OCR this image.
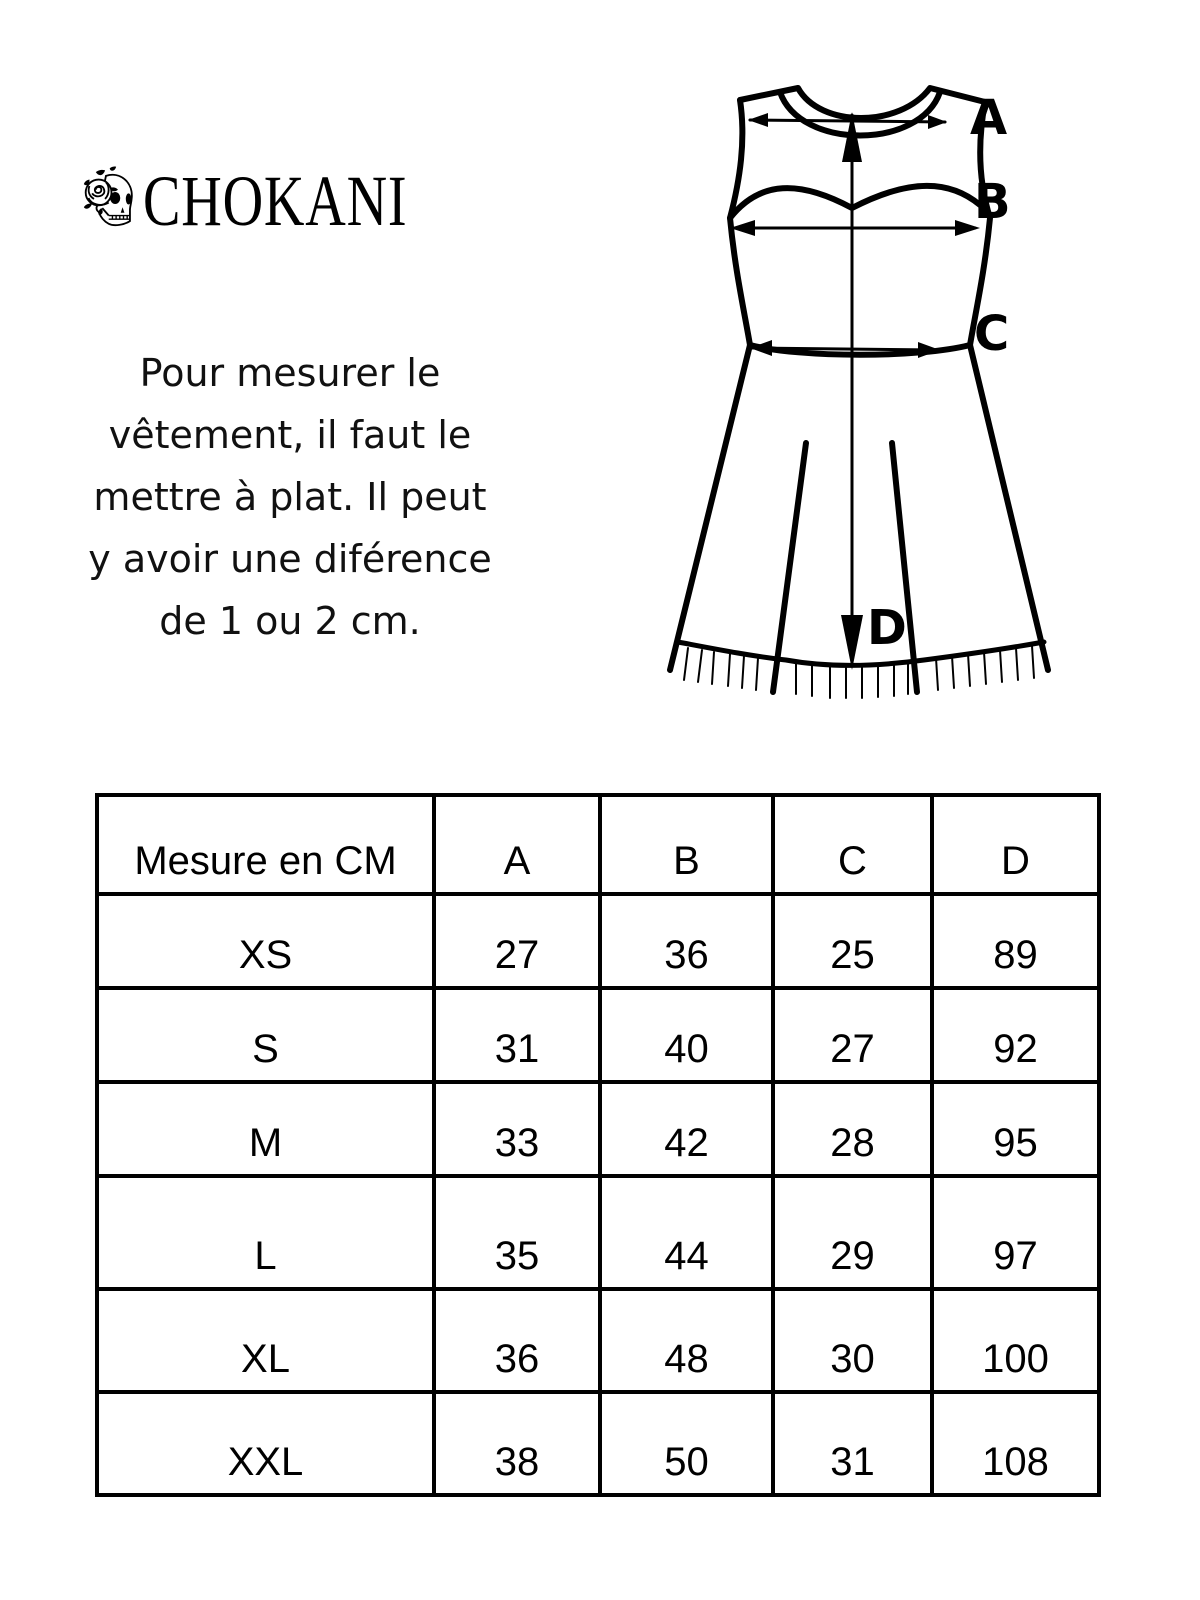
CHOKANI
Pour mesurer le
vêtement, il faut le
mettre à plat. Il peut
y avoir une diférence
de 1 ou 2 cm.
A
B
C
D
Mesure en CM	A	B	C	D
XS	27	36	25	89
S	31	40	27	92
M	33	42	28	95
L	35	44	29	97
XL	36	48	30	100
XXL	38	50	31	108
